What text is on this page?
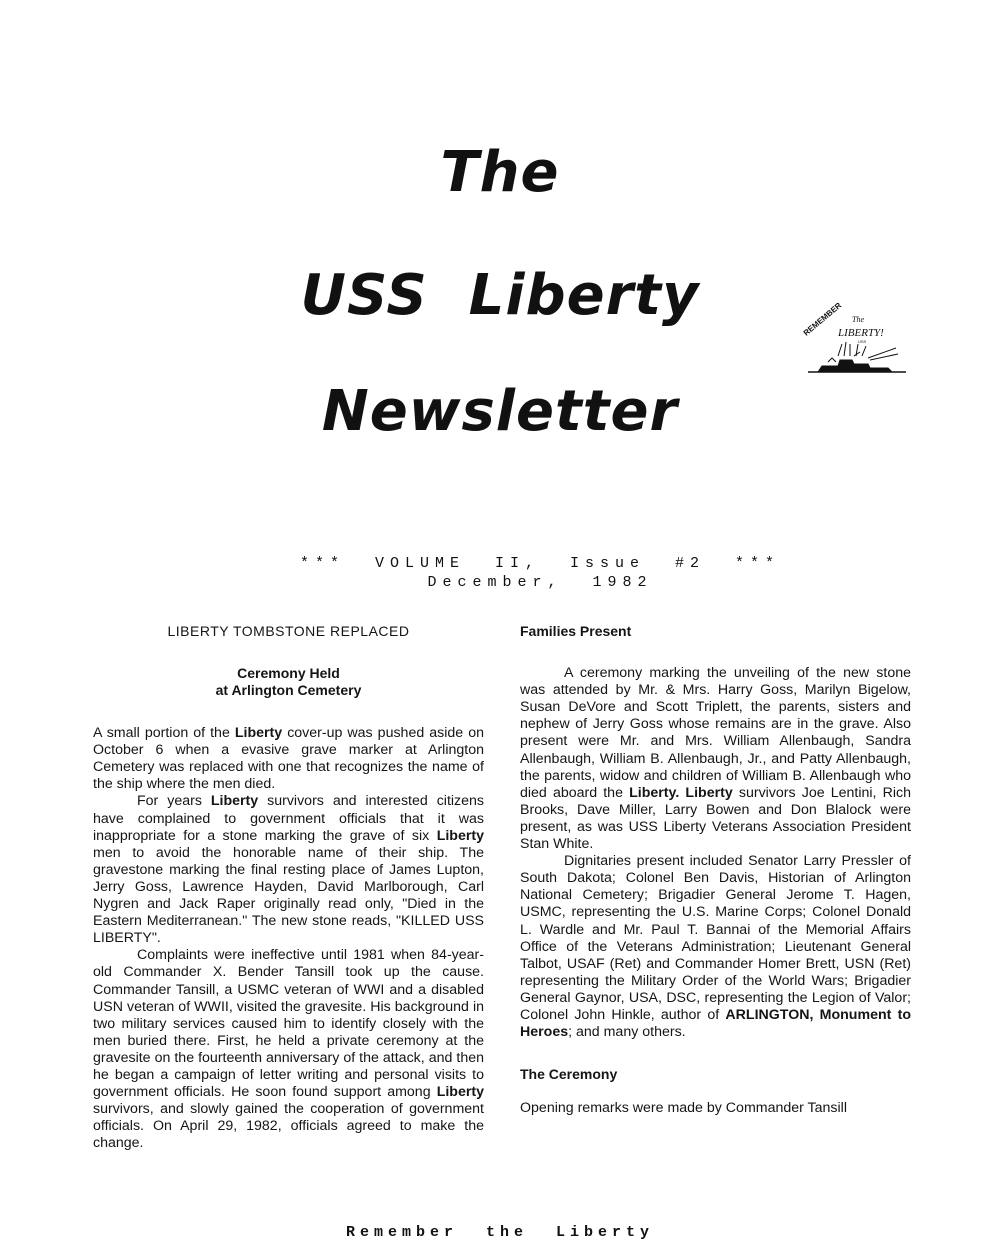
The
USS  Liberty
Newsletter
REMEMBER The
LIBERTY!
USS
***  VOLUME  II,  Issue  #2  ***
December,  1982
LIBERTY TOMBSTONE REPLACED
Ceremony Held
at Arlington Cemetery

A small portion of the Liberty cover-up was pushed aside on October 6 when a evasive grave marker at Arlington Cemetery was replaced with one that recognizes the name of the ship where the men died.

For years Liberty survivors and interested citizens have complained to government officials that it was inappropriate for a stone marking the grave of six Liberty men to avoid the honorable name of their ship. The gravestone marking the final resting place of James Lupton, Jerry Goss, Lawrence Hayden, David Marlborough, Carl Nygren and Jack Raper originally read only, "Died in the Eastern Mediterranean." The new stone reads, "KILLED USS LIBERTY".

Complaints were ineffective until 1981 when 84-year-old Commander X. Bender Tansill took up the cause. Commander Tansill, a USMC veteran of WWI and a disabled USN veteran of WWII, visited the gravesite. His background in two military services caused him to identify closely with the men buried there. First, he held a private ceremony at the gravesite on the fourteenth anniversary of the attack, and then he began a campaign of letter writing and personal visits to government officials. He soon found support among Liberty survivors, and slowly gained the cooperation of government officials. On April 29, 1982, officials agreed to make the change.

Families Present

A ceremony marking the unveiling of the new stone was attended by Mr. & Mrs. Harry Goss, Marilyn Bigelow, Susan DeVore and Scott Triplett, the parents, sisters and nephew of Jerry Goss whose remains are in the grave. Also present were Mr. and Mrs. William Allenbaugh, Sandra Allenbaugh, William B. Allenbaugh, Jr., and Patty Allenbaugh, the parents, widow and children of William B. Allenbaugh who died aboard the Liberty. Liberty survivors Joe Lentini, Rich Brooks, Dave Miller, Larry Bowen and Don Blalock were present, as was USS Liberty Veterans Association President Stan White.

Dignitaries present included Senator Larry Pressler of South Dakota; Colonel Ben Davis, Historian of Arlington National Cemetery; Brigadier General Jerome T. Hagen, USMC, representing the U.S. Marine Corps; Colonel Donald L. Wardle and Mr. Paul T. Bannai of the Memorial Affairs Office of the Veterans Administration; Lieutenant General Talbot, USAF (Ret) and Commander Homer Brett, USN (Ret) representing the Military Order of the World Wars; Brigadier General Gaynor, USA, DSC, representing the Legion of Valor; Colonel John Hinkle, author of ARLINGTON, Monument to Heroes; and many others.

The Ceremony

Opening remarks were made by Commander Tansill

Remember  the  Liberty
